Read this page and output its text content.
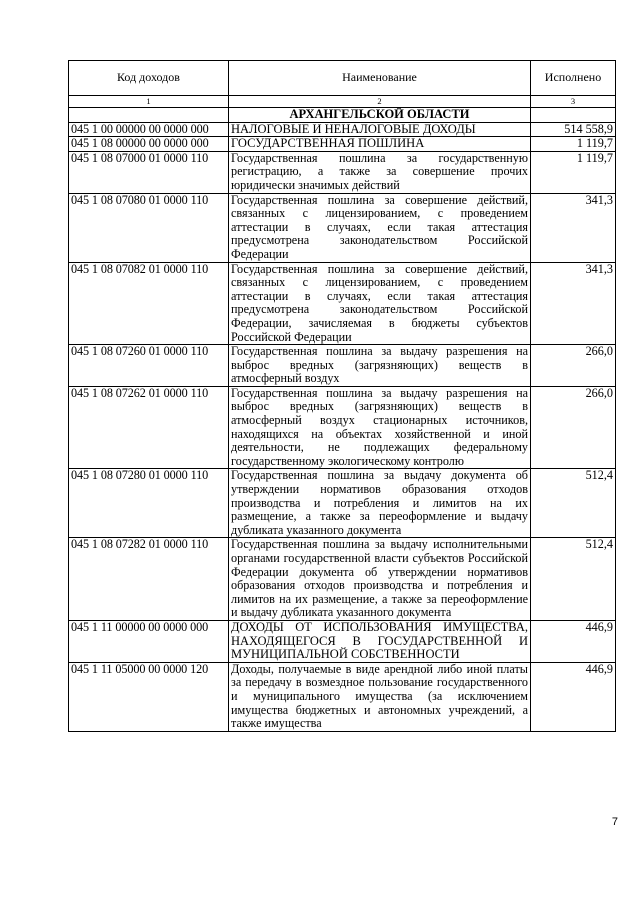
Код доходов	Наименование	Исполнено
1	2	3
	АРХАНГЕЛЬСКОЙ ОБЛАСТИ	
045 1 00 00000 00 0000 000	НАЛОГОВЫЕ И НЕНАЛОГОВЫЕ ДОХОДЫ	514 558,9
045 1 08 00000 00 0000 000	ГОСУДАРСТВЕННАЯ ПОШЛИНА	1 119,7
045 1 08 07000 01 0000 110	Государственная пошлина за государственную регистрацию, а также за совершение прочих юридически значимых действий	1 119,7
045 1 08 07080 01 0000 110	Государственная пошлина за совершение действий, связанных с лицензированием, с проведением аттестации в случаях, если такая аттестация предусмотрена законодательством Российской Федерации	341,3
045 1 08 07082 01 0000 110	Государственная пошлина за совершение действий, связанных с лицензированием, с проведением аттестации в случаях, если такая аттестация предусмотрена законодательством Российской Федерации, зачисляемая в бюджеты субъектов Российской Федерации	341,3
045 1 08 07260 01 0000 110	Государственная пошлина за выдачу разрешения на выброс вредных (загрязняющих) веществ в атмосферный воздух	266,0
045 1 08 07262 01 0000 110	Государственная пошлина за выдачу разрешения на выброс вредных (загрязняющих) веществ в атмосферный воздух стационарных источников, находящихся на объектах хозяйственной и иной деятельности, не подлежащих федеральному государственному экологическому контролю	266,0
045 1 08 07280 01 0000 110	Государственная пошлина за выдачу документа об утверждении нормативов образования отходов производства и потребления и лимитов на их размещение, а также за переоформление и выдачу дубликата указанного документа	512,4
045 1 08 07282 01 0000 110	Государственная пошлина за выдачу исполнительными органами государственной власти субъектов Российской Федерации документа об утверждении нормативов образования отходов производства и потребления и лимитов на их размещение, а также за переоформление и выдачу дубликата указанного документа	512,4
045 1 11 00000 00 0000 000	ДОХОДЫ ОТ ИСПОЛЬЗОВАНИЯ ИМУЩЕСТВА, НАХОДЯЩЕГОСЯ В ГОСУДАРСТВЕННОЙ И МУНИЦИПАЛЬНОЙ СОБСТВЕННОСТИ	446,9
045 1 11 05000 00 0000 120	Доходы, получаемые в виде арендной либо иной платы за передачу в возмездное пользование государственного и муниципального имущества (за исключением имущества бюджетных и автономных учреждений, а также имущества	446,9
7
